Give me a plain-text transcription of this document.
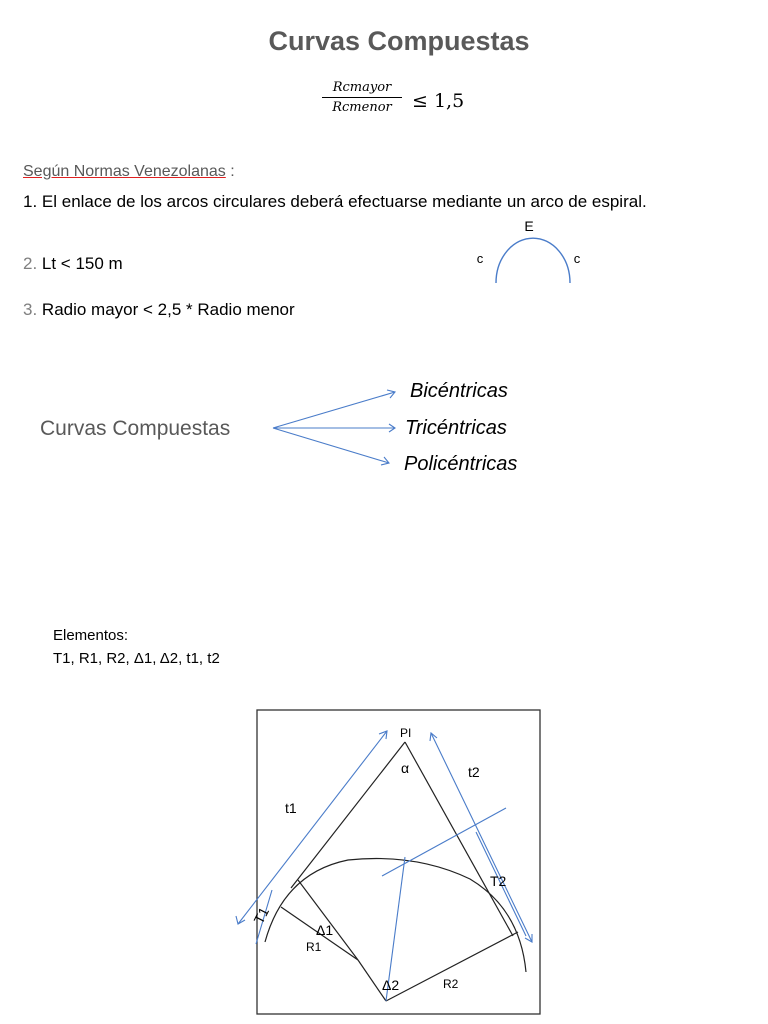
Curvas Compuestas
Rcmayor
Rcmenor	≤ 1,5
Según Normas Venezolanas :
1. El enlace de los arcos circulares deberá efectuarse mediante un arco de espiral.
2. Lt < 150 m
3. Radio mayor < 2,5 * Radio menor
E
c	c
Curvas Compuestas
Bicéntricas
Tricéntricas
Policéntricas
Elementos:
T1, R1, R2, Δ1, Δ2, t1, t2
PI
α
t1
t2
T2
Δ1
Δ2
R1
R2
T1
